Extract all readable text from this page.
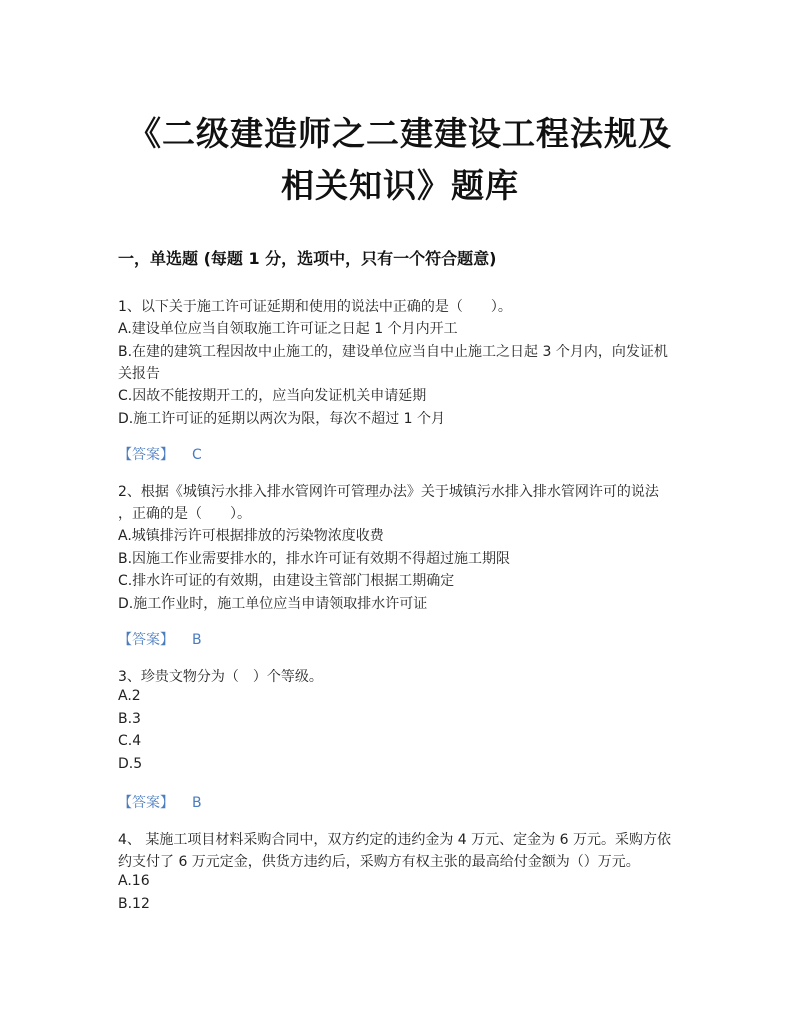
《二级建造师之二建建设工程法规及
相关知识》题库
一，单选题 (每题 1 分，选项中，只有一个符合题意)
1、以下关于施工许可证延期和使用的说法中正确的是（　　）。
A.建设单位应当自领取施工许可证之日起 1 个月内开工
B.在建的建筑工程因故中止施工的，建设单位应当自中止施工之日起 3 个月内，向发证机
关报告
C.因故不能按期开工的，应当向发证机关申请延期
D.施工许可证的延期以两次为限，每次不超过 1 个月
【答案】 C
2、根据《城镇污水排入排水管网许可管理办法》关于城镇污水排入排水管网许可的说法
，正确的是（　　）。
A.城镇排污许可根据排放的污染物浓度收费
B.因施工作业需要排水的，排水许可证有效期不得超过施工期限
C.排水许可证的有效期，由建设主管部门根据工期确定
D.施工作业时，施工单位应当申请领取排水许可证
【答案】 B
3、珍贵文物分为（　）个等级。
A.2
B.3
C.4
D.5
【答案】 B
4、 某施工项目材料采购合同中，双方约定的违约金为 4 万元、定金为 6 万元。采购方依
约支付了 6 万元定金，供货方违约后，采购方有权主张的最高给付金额为（）万元。
A.16
B.12
